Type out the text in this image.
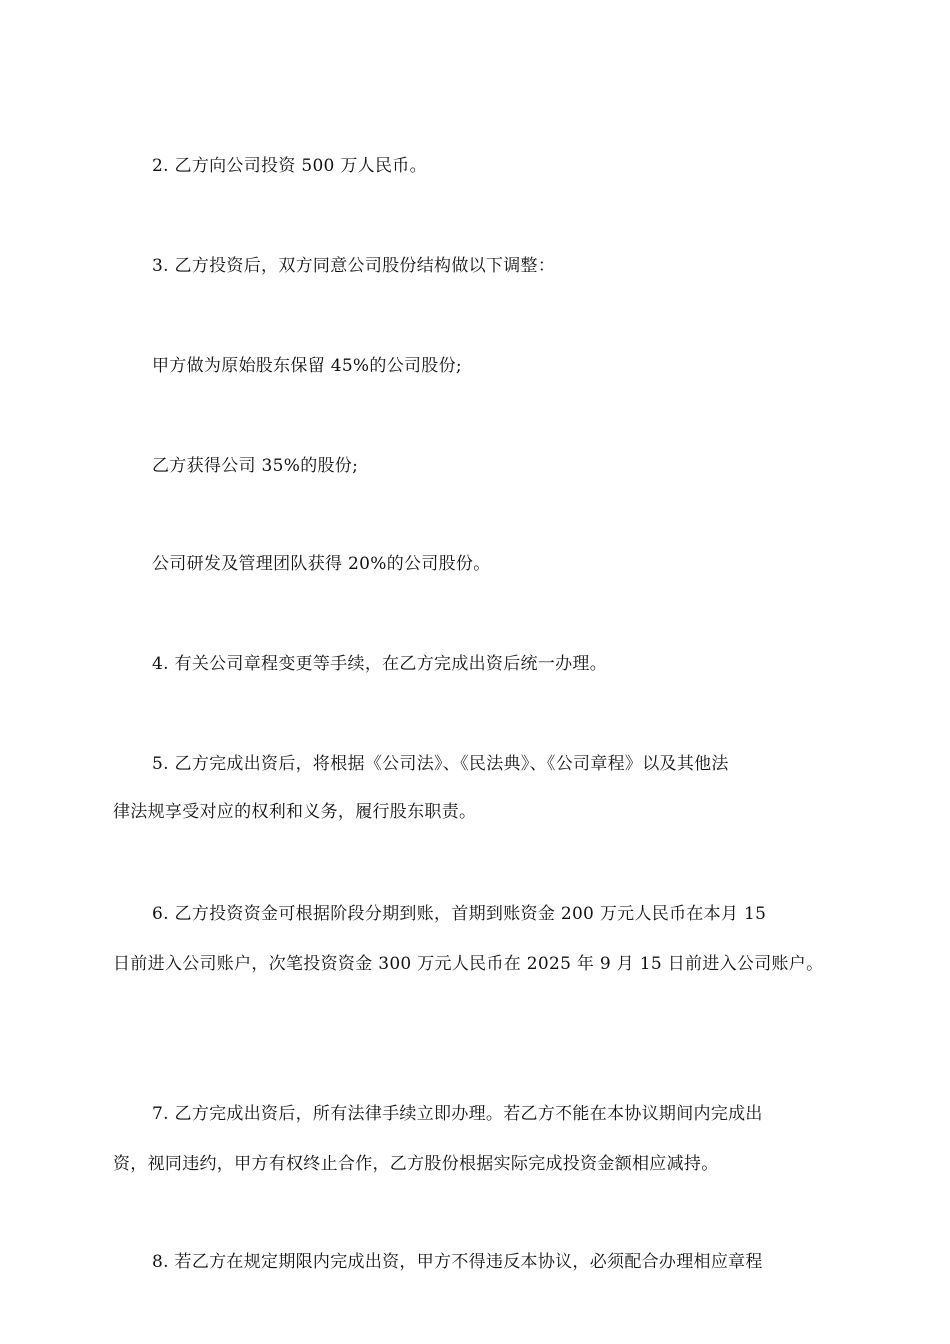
2. 乙方向公司投资 500 万人民币。
3. 乙方投资后，双方同意公司股份结构做以下调整：
甲方做为原始股东保留 45%的公司股份;
乙方获得公司 35%的股份;
公司研发及管理团队获得 20%的公司股份。
4. 有关公司章程变更等手续，在乙方完成出资后统一办理。
5. 乙方完成出资后，将根据《公司法》、《民法典》、《公司章程》以及其他法
律法规享受对应的权利和义务，履行股东职责。
6. 乙方投资资金可根据阶段分期到账，首期到账资金 200 万元人民币在本月 15
日前进入公司账户，次笔投资资金 300 万元人民币在 2025 年 9 月 15 日前进入公司账户。
7. 乙方完成出资后，所有法律手续立即办理。若乙方不能在本协议期间内完成出
资，视同违约，甲方有权终止合作，乙方股份根据实际完成投资金额相应减持。
8. 若乙方在规定期限内完成出资，甲方不得违反本协议，必须配合办理相应章程
